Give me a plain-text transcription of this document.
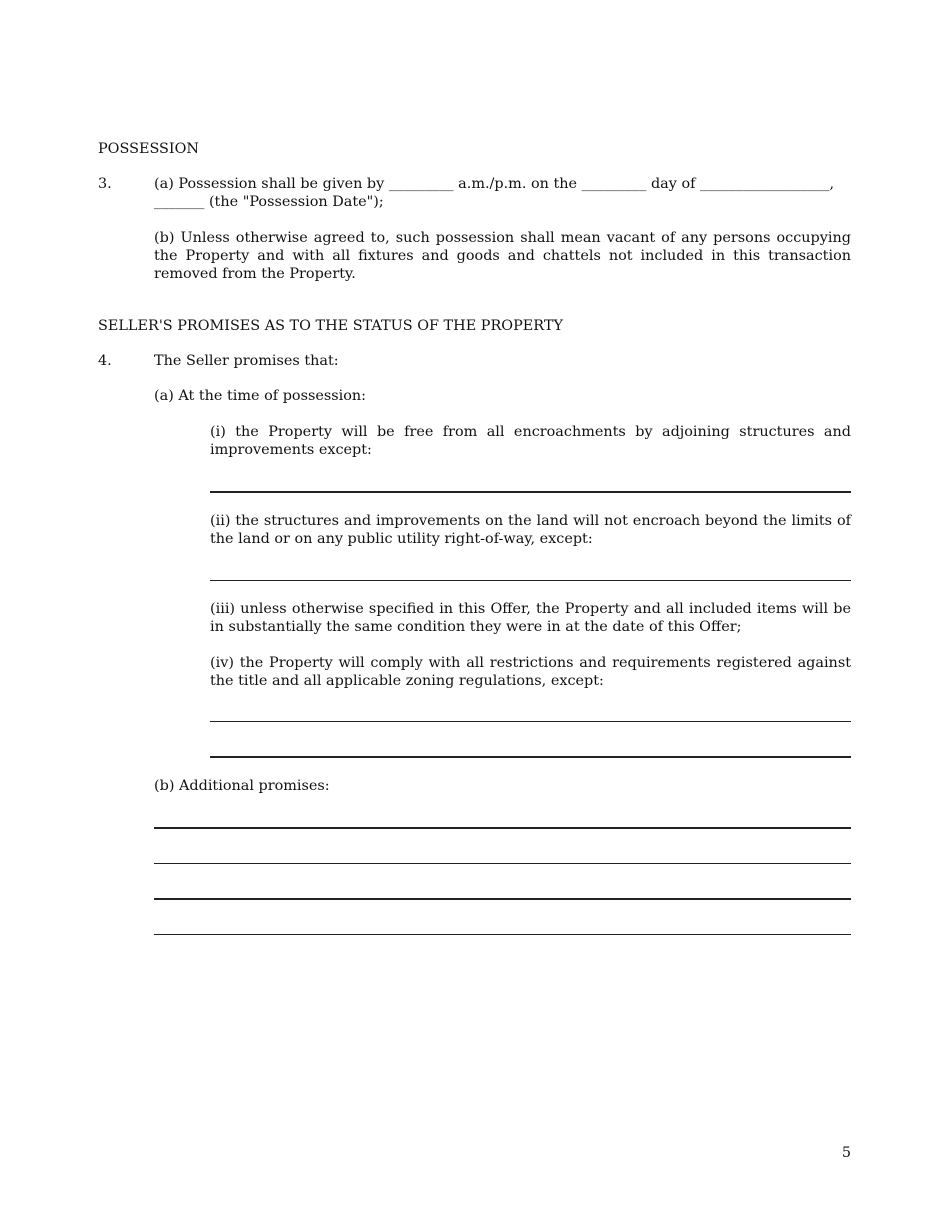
POSSESSION
3.	(a) Possession shall be given by _________ a.m./p.m. on the _________ day of __________________,
_______ (the "Possession Date");
(b) Unless otherwise agreed to, such possession shall mean vacant of any persons occupying the Property and with all fixtures and goods and chattels not included in this transaction removed from the Property.
SELLER'S PROMISES AS TO THE STATUS OF THE PROPERTY
4.	The Seller promises that:
(a) At the time of possession:
(i) the Property will be free from all encroachments by adjoining structures and improvements except:
(ii) the structures and improvements on the land will not encroach beyond the limits of the land or on any public utility right-of-way, except:
(iii) unless otherwise specified in this Offer, the Property and all included items will be in substantially the same condition they were in at the date of this Offer;
(iv) the Property will comply with all restrictions and requirements registered against the title and all applicable zoning regulations, except:
(b) Additional promises:
5
